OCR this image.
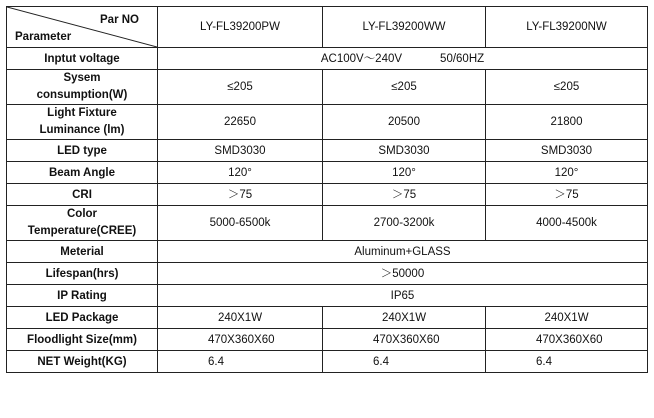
Par NO
Parameter	LY-FL39200PW	LY-FL39200WW	LY-FL39200NW
Inptut voltage	AC100V～240V 50/60HZ		

Sysem
consumption(W)	≤205	≤205	≤205

Light Fixture
Luminance (lm)	22650	20500	21800
LED type	SMD3030	SMD3030	SMD3030
Beam Angle	120°	120°	120°
CRI	＞75	＞75	＞75

Color
Temperature(CREE)	5000-6500k	2700-3200k	4000-4500k
Meterial	Aluminum+GLASS		
Lifespan(hrs)	＞50000		
IP Rating	IP65		
LED Package	240X1W	240X1W	240X1W
Floodlight Size(mm)	470X360X60	470X360X60	470X360X60
NET Weight(KG)	6.4	6.4	6.4
